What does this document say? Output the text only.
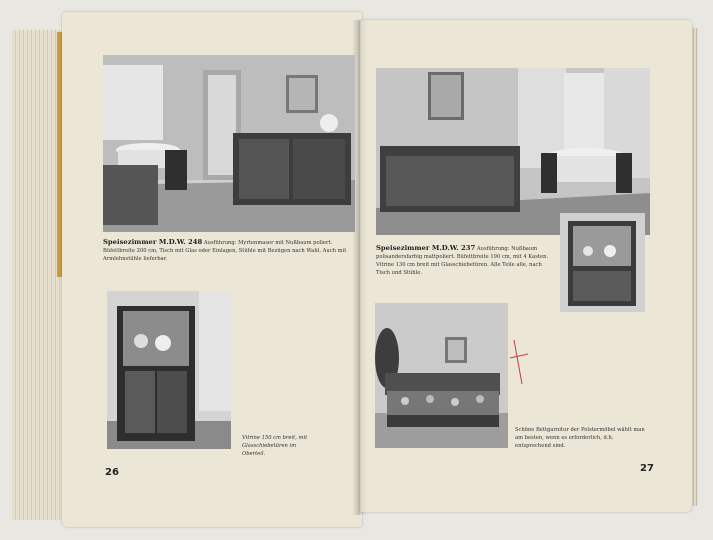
Speisezimmer M.D.W. 248 Ausführung: Myrtenmaser mit Nußbaum poliert. Büfettbreite 200 cm, Tisch mit Glas oder Einlagen, Stühle mit Bezügen nach Wahl. Auch mit Armlehnstühle lieferbar.
Vitrine 150 cm breit, mit Glasschiebetüren im Oberteil.
26
Speisezimmer M.D.W. 237 Ausführung: Nußbaum polisandersfarbig mattpoliert. Büfettbreite 190 cm, mit 4 Kasten. Vitrine 130 cm breit mit Glasschiebetüren. Alle Teile alle, nach Tisch und Stühle.
Schöne Bettgarnitur der Polstermöbel wählt man am besten, wenn es erforderlich, d.h. entsprechend sind.
27
